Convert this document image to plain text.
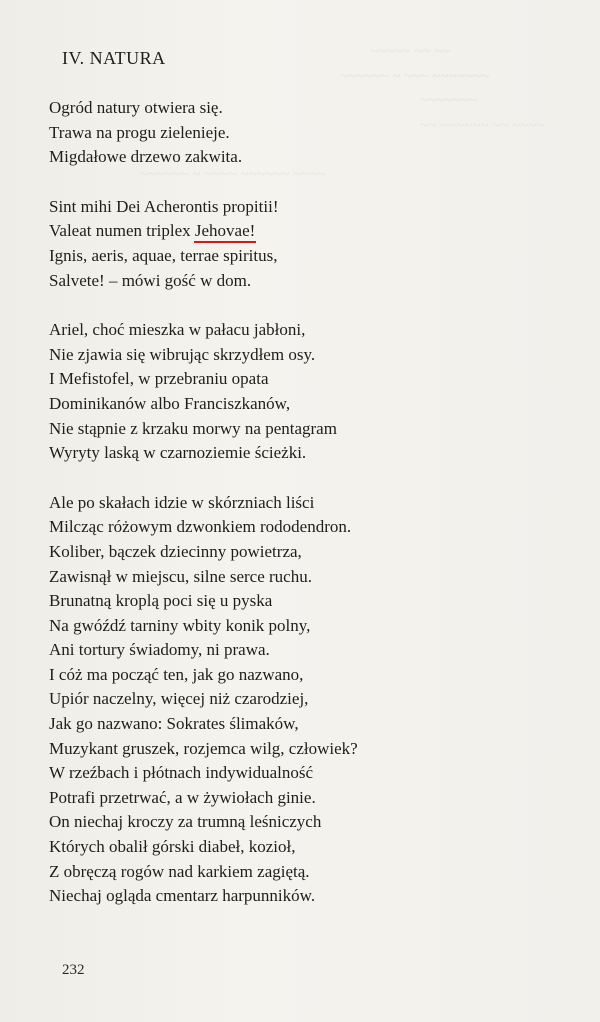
~~~~~ ~~ ~~
~~~~~~ ~ ~~~ ~~~~~~~
~~~~~~~
~~ ~~~~~~ ~~ ~~~~

~~~~~~ ~ ~~~~ ~~~~~~ ~~~~
IV. NATURA
Ogród natury otwiera się.
Trawa na progu zieleniеje.
Migdałowe drzewo zakwita.
Sint mihi Dei Acherontis propitii!
Valeat numen triplex Jehovae!
Ignis, aeris, aquae, terrae spiritus,
Salvete! – mówi gość w dom.
Ariel, choć mieszka w pałacu jabłoni,
Nie zjawia się wibrując skrzydłem osy.
I Mefistofel, w przebraniu opata
Dominikanów albo Franciszkanów,
Nie stąpnie z krzaku morwy na pentagram
Wyryty laską w czarnoziemie ścieżki.
Ale po skałach idzie w skórzniach liści
Milcząc różowym dzwonkiem rododendron.
Koliber, bączek dziecinny powietrza,
Zawisnął w miejscu, silne serce ruchu.
Brunatną kroplą poci się u pyska
Na gwóźdź tarniny wbity konik polny,
Ani tortury świadomy, ni prawa.
I cóż ma począć ten, jak go nazwano,
Upiór naczelny, więcej niż czarodziej,
Jak go nazwano: Sokrates ślimaków,
Muzykant gruszek, rozjemca wilg, człowiek?
W rzeźbach i płótnach indywidualność
Potrafi przetrwać, a w żywiołach ginie.
On niechaj kroczy za trumną leśniczych
Których obalił górski diabeł, kozioł,
Z obręczą rogów nad karkiem zagiętą.
Niechaj ogląda cmentarz harpunników.
232
